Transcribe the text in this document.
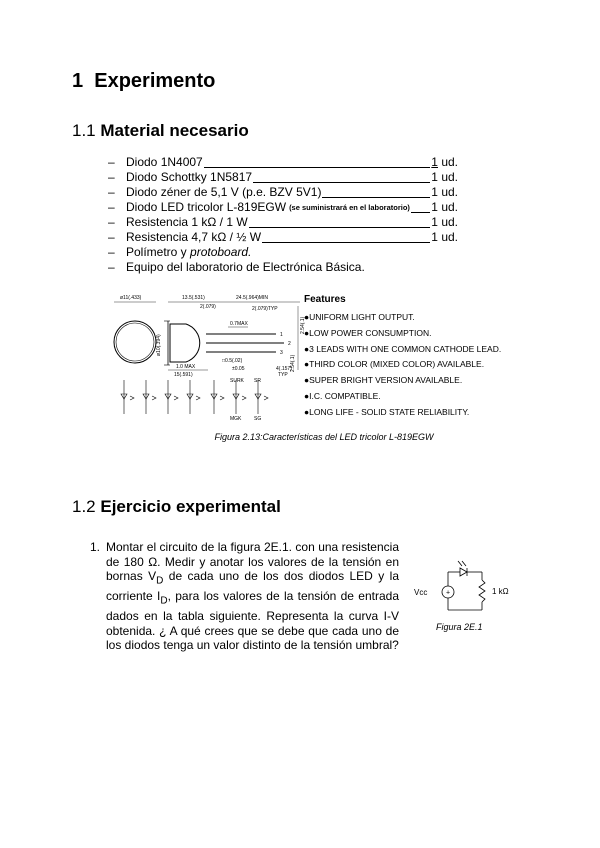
1 Experimento
1.1 Material necesario
– Diodo 1N4007	1 ud.
– Diodo Schottky 1N5817	1 ud.
– Diodo zéner de 5,1 V (p.e. BZV 5V1)	1 ud.
– Diodo LED tricolor L-819EGW (se suministrará en el laboratorio) 1 ud.
– Resistencia 1 kΩ / 1 W	1 ud.
– Resistencia 4,7 kΩ / ½ W	1 ud.
– Polímetro y protoboard.
– Equipo del laboratorio de Electrónica Básica.
ø11(.433)
ø10(.394)	1
2
3
13.5(.531)	24.5(.964)MIN
2(.079)	2(.079)TYP
0.7MAX	2.54(.1)
2.54(.1)
1.0 MAX
15(.591)
□0.5(.02)
±0.05	4(.157)
TYP
SURK SR
MGK	SG
Features
●UNIFORM LIGHT OUTPUT.
●LOW POWER CONSUMPTION.
●3 LEADS WITH ONE COMMON CATHODE LEAD.
●THIRD COLOR (MIXED COLOR) AVAILABLE.
●SUPER BRIGHT VERSION AVAILABLE.
●I.C. COMPATIBLE.
●LONG LIFE - SOLID STATE RELIABILITY.
Figura 2.13:Características del LED tricolor L-819EGW
1.2 Ejercicio experimental
1. Montar el circuito de la figura 2E.1. con una resistencia de 180 Ω. Medir y anotar los valores de la tensión en bornas $V_D$ de cada uno de los dos diodos LED y la corriente $I_D$, para los valores de la tensión de entrada dados en la tabla siguiente. Representa la curva I-V obtenida. ¿ A qué crees que se debe que cada uno de los diodos tenga un valor distinto de la tensión umbral?
+
Vcc	1 kΩ
Figura 2E.1
